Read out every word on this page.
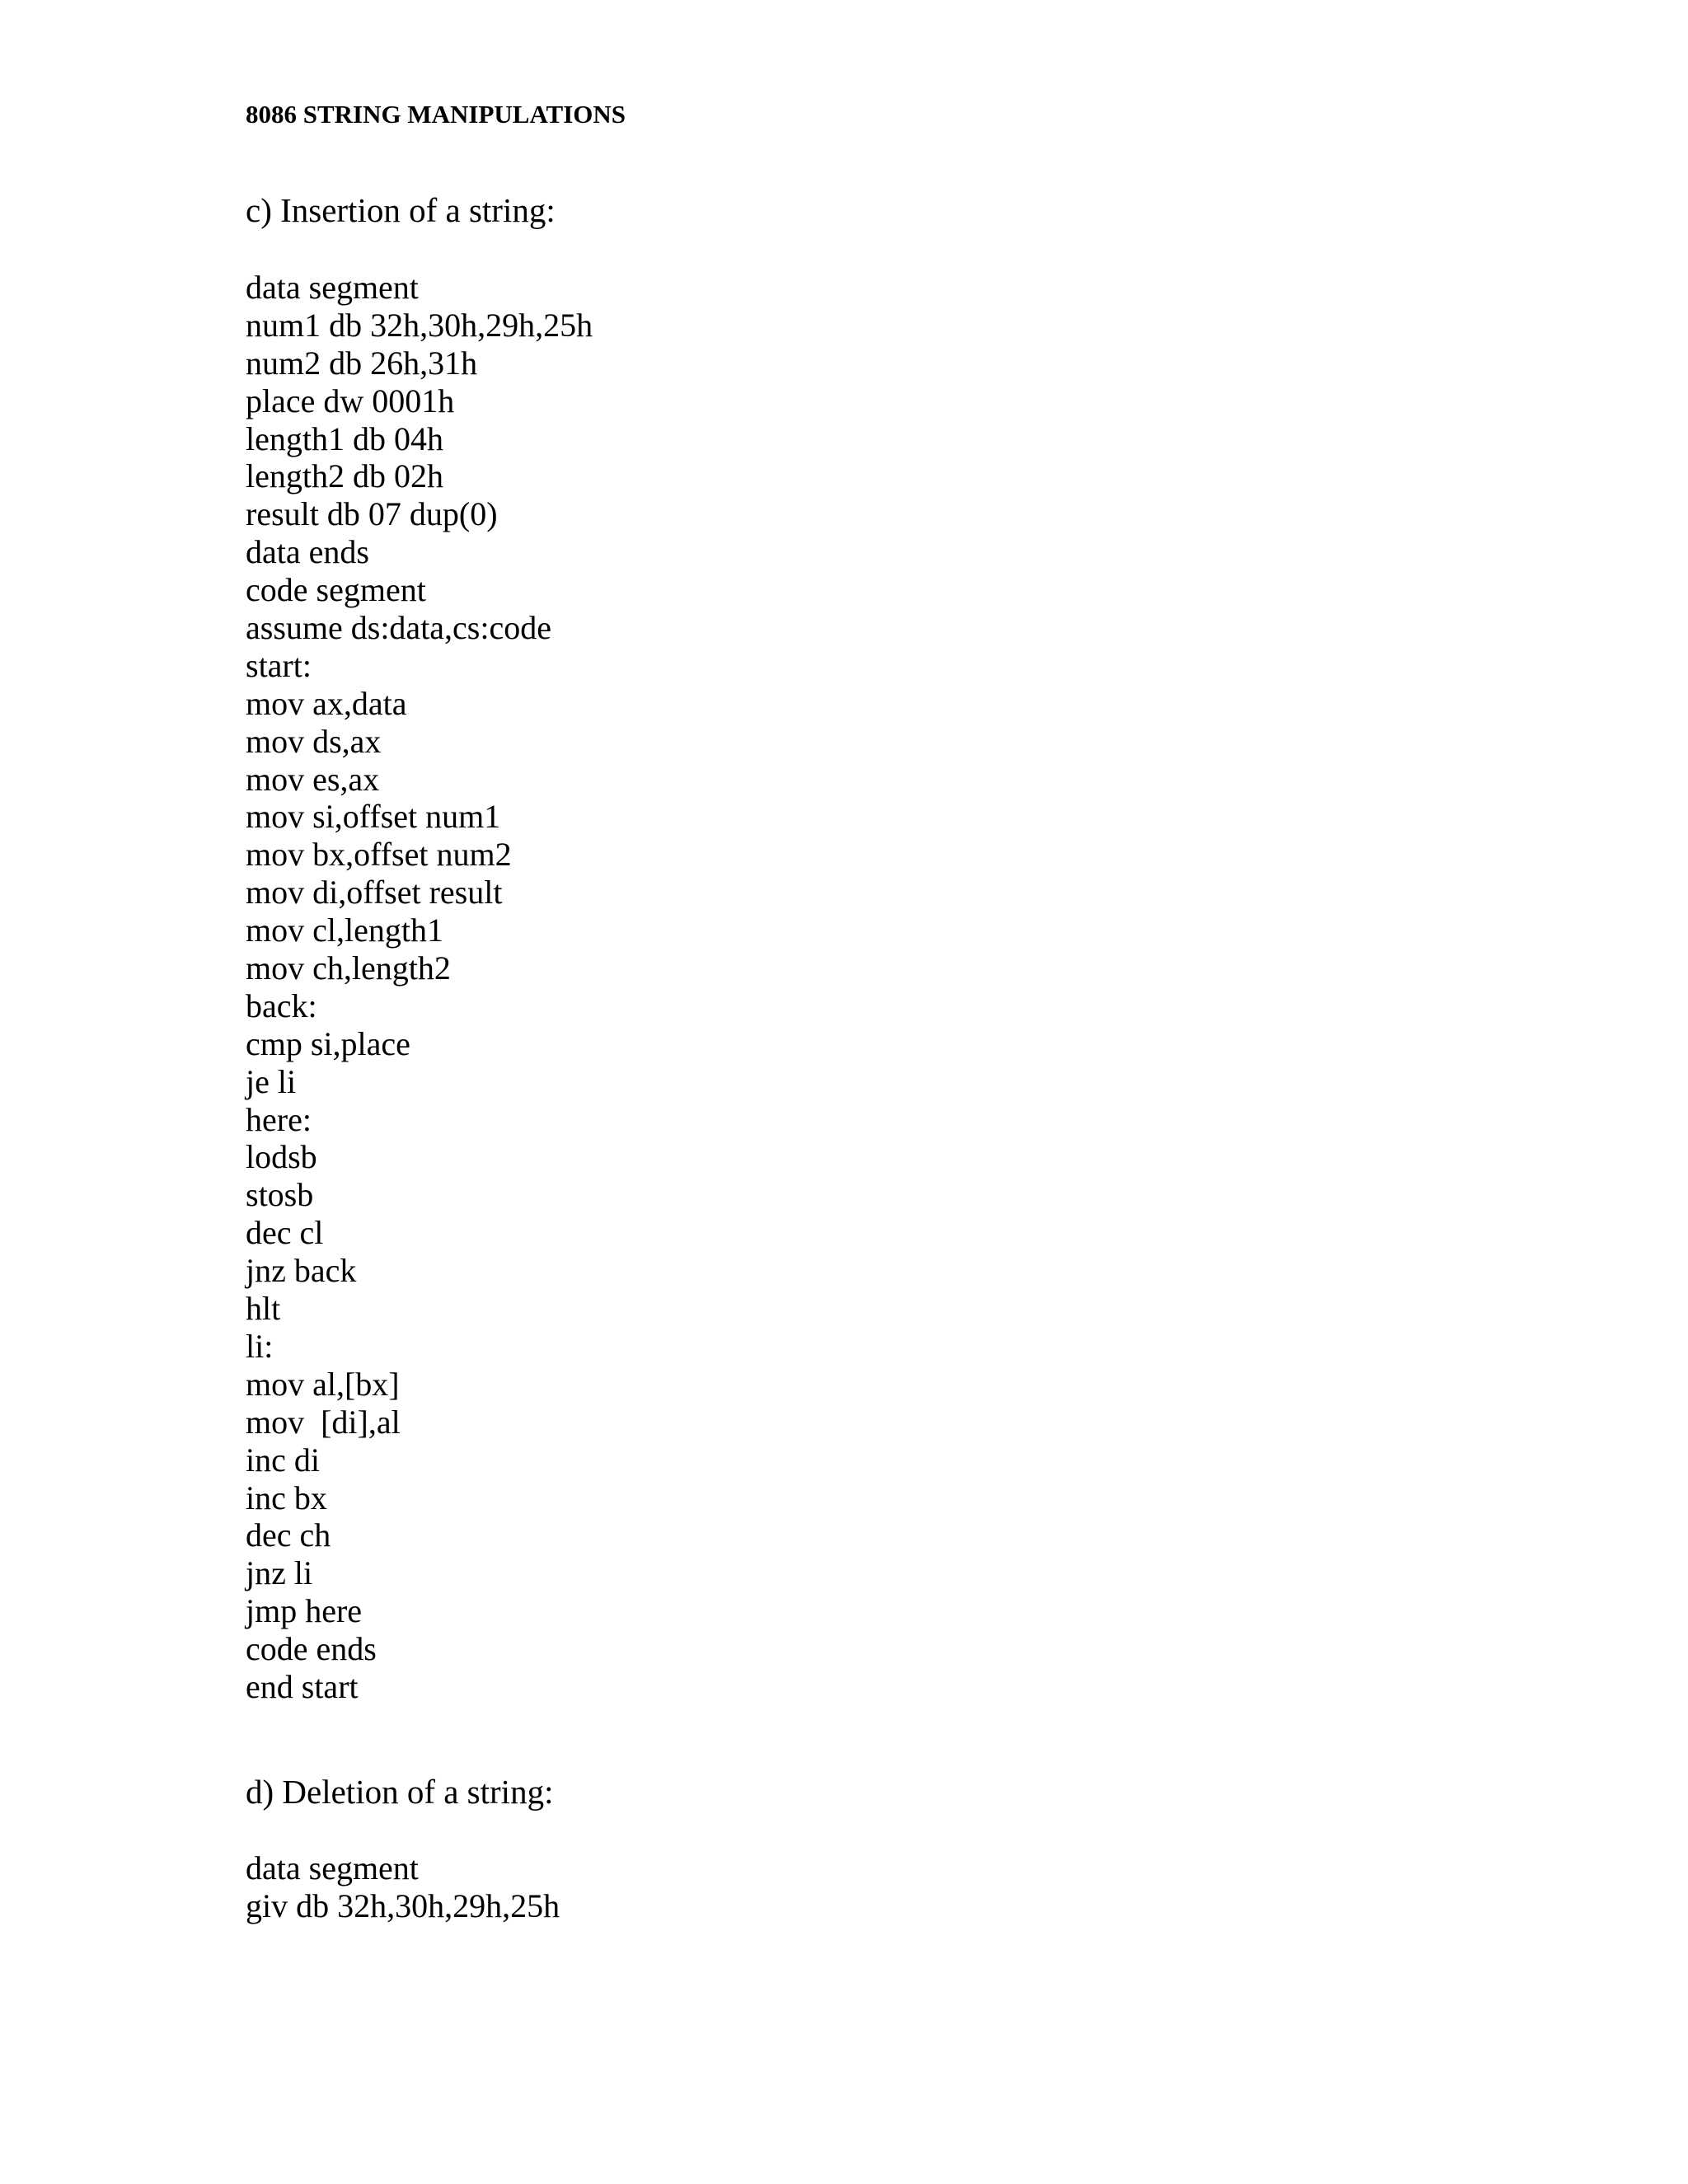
8086 STRING MANIPULATIONS
c) Insertion of a string:
data segment
num1 db 32h,30h,29h,25h
num2 db 26h,31h
place dw 0001h
length1 db 04h
length2 db 02h
result db 07 dup(0)
data ends
code segment
assume ds:data,cs:code
start:
mov ax,data
mov ds,ax
mov es,ax
mov si,offset num1
mov bx,offset num2
mov di,offset result
mov cl,length1
mov ch,length2
back:
cmp si,place
je li
here:
lodsb
stosb
dec cl
jnz back
hlt
li:
mov al,[bx]
mov  [di],al
inc di
inc bx
dec ch
jnz li
jmp here
code ends
end start
d) Deletion of a string:
data segment
giv db 32h,30h,29h,25h
